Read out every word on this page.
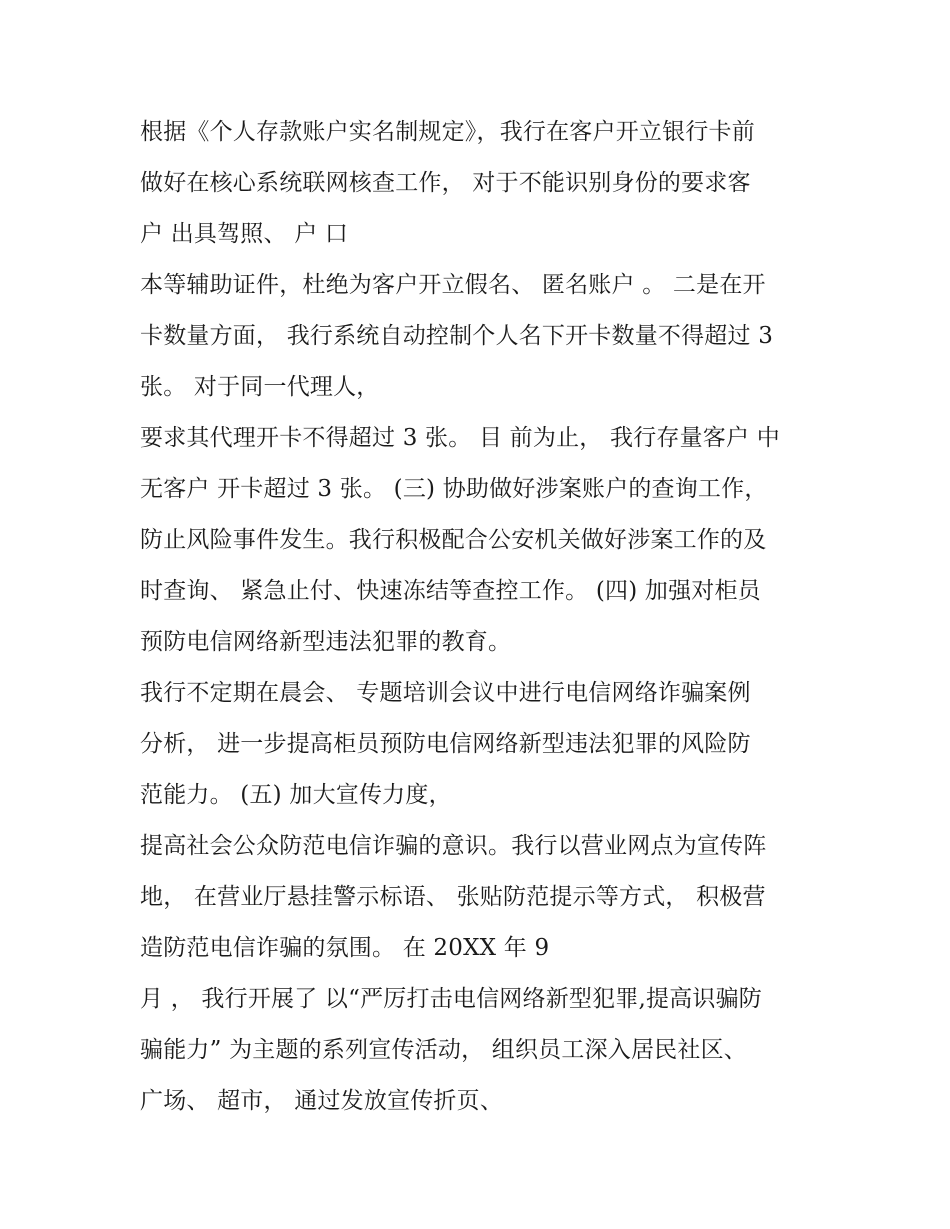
根据《个人存款账户实名制规定》，我行在客户开立银行卡前
做好在核心系统联网核查工作， 对于不能识别身份的要求客
户 出具驾照、 户 口
本等辅助证件，杜绝为客户开立假名、 匿名账户 。 二是在开
卡数量方面， 我行系统自动控制个人名下开卡数量不得超过 3
张。 对于同一代理人，
要求其代理开卡不得超过 3 张。 目 前为止， 我行存量客户 中
无客户 开卡超过 3 张。 (三) 协助做好涉案账户的查询工作，
防止风险事件发生。我行积极配合公安机关做好涉案工作的及
时查询、 紧急止付、快速冻结等查控工作。 (四) 加强对柜员
预防电信网络新型违法犯罪的教育。
我行不定期在晨会、 专题培训会议中进行电信网络诈骗案例
分析， 进一步提高柜员预防电信网络新型违法犯罪的风险防
范能力。 (五) 加大宣传力度，
提高社会公众防范电信诈骗的意识。我行以营业网点为宣传阵
地， 在营业厅悬挂警示标语、 张贴防范提示等方式， 积极营
造防范电信诈骗的氛围。 在 20XX 年 9
月 ， 我行开展了 以“严厉打击电信网络新型犯罪,提高识骗防
骗能力” 为主题的系列宣传活动， 组织员工深入居民社区、
广场、 超市， 通过发放宣传折页、
